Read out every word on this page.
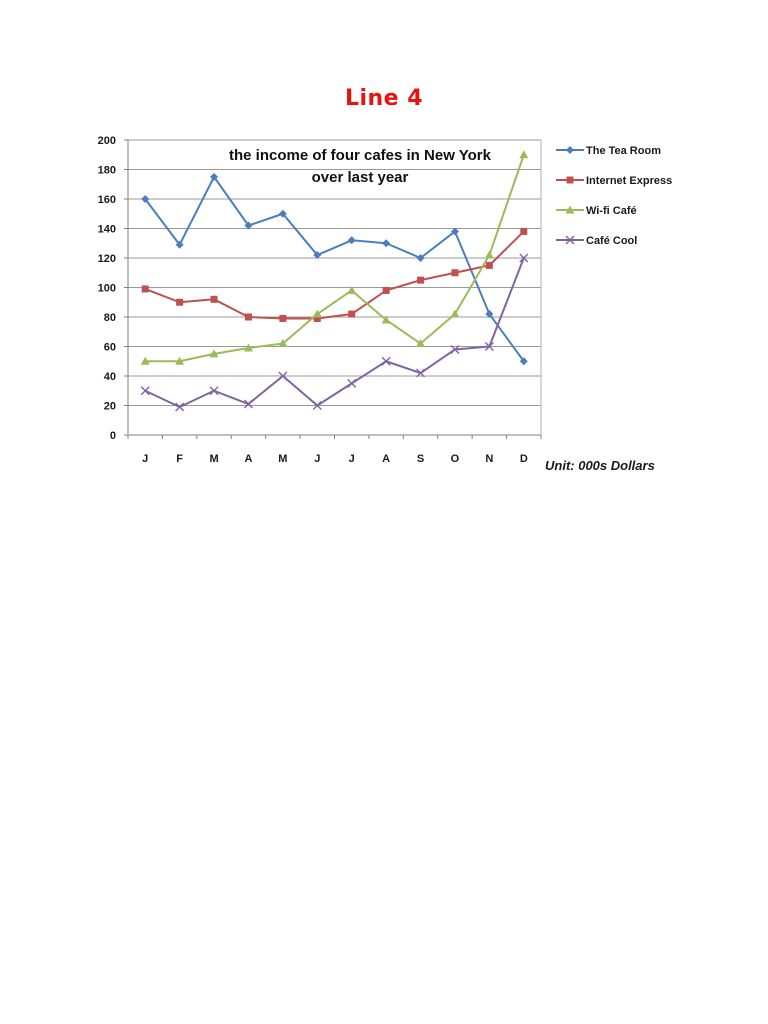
Line 4
0
20
40
60
80
100
120
140
160
180
200
J	F M A M J	J A S O N D
the income of four cafes in New York
over last year
The Tea Room
Internet Express
Wi-fi Café
Café Cool
Unit: 000s Dollars
